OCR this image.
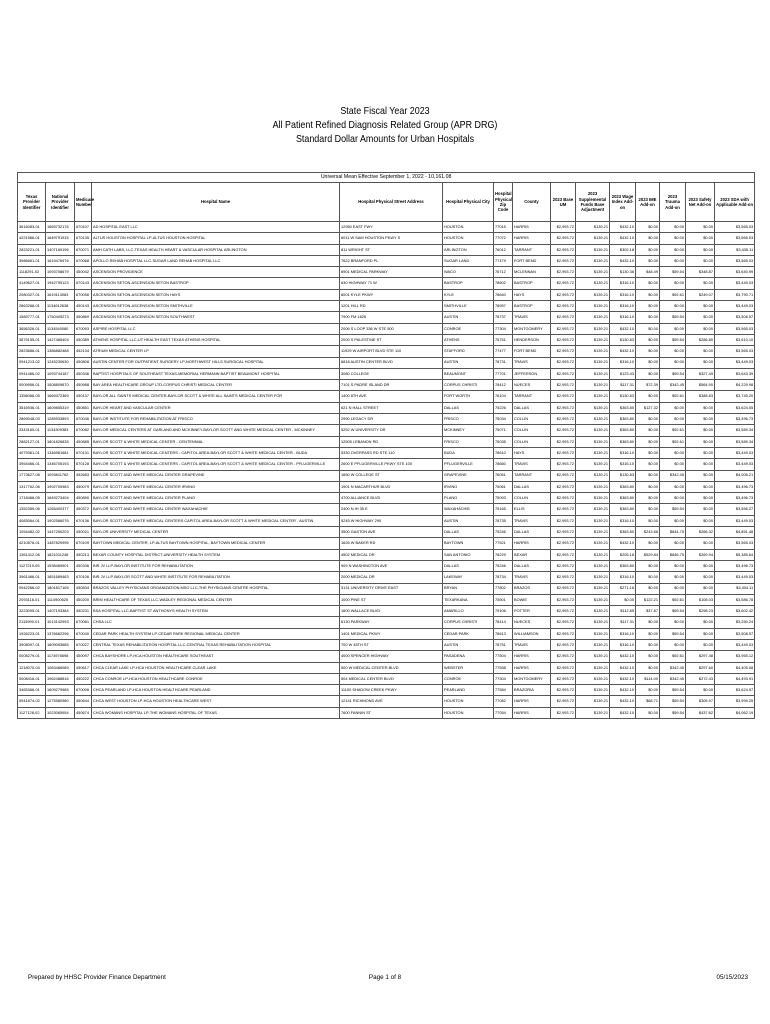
State Fiscal Year 2023
All Patient Refined Diagnosis Related Group (APR DRG)
Standard Dollar Amounts for Urban Hospitals
Universal Mean Effective September 1, 2022 - 10,161.08														
Texas Provider Identifier	National Provider Identifier	Medicare Number	Hospital Name	Hospital Physical Street Address	Hospital Physical City	Hospital Physical Zip Code	County	2023 Base UM	2023 Supplemental Funds Base Adjustment	2023 Wage Index Add-on	2023 IME Add-on	2023 Trauma Add-on	2023 Safety Net Add-on	2023 SDA with Applicable Add-on
3616083-01	1669732176	670107	AD HOSPITAL EAST LLC	12950 EAST FWY	HOUSTON	77015	HARRIS	$2,993.72	$139.21	$432.10	$0.00	$0.00	$0.00	$3,565.03
4221566-01	1649791915	670135	ALTUS HOUSTON HOSPITAL LP-ALTUS HOUSTON HOSPITAL	6011 W SAM HOUSTON PKWY S	HOUSTON	77072	HARRIS	$2,993.72	$139.21	$432.10	$0.00	$0.00	$0.00	$3,565.03
2823221-01	1407169196	670071	AMH CATH LABS, LLC-TEXAS HEALTH HEART & VASCULAR HOSPITAL ARLINGTON	811 WRIGHT ST	ARLINGTON	76012	TARRANT	$2,993.72	$139.21	$302.18	$0.00	$0.00	$0.00	$3,435.11
3986661-01	1619476976	670068	APOLLO REHAB HOSPITAL LLC-SUGAR LAND REHAB HOSPITAL LLC	7622 BRANFORD PL	SUGAR LAND	77479	FORT BEND	$2,993.72	$139.21	$432.10	$0.00	$0.00	$0.00	$3,565.03
1118291-02	1093708679	450042	ASCENSION PROVIDENCE	6901 MEDICAL PARKWAY	WACO	76712	MCLENNAN	$2,993.72	$139.21	$130.36	$48.49	$59.54	$348.87	$3,640.99
4149627-01	1942795123	670143	ASCENSION SETON-ASCENSION SETON BASTROP	630 HIGHWAY 71 W	BASTROP	78602	BASTROP	$2,993.72	$139.21	$316.10	$0.00	$0.00	$0.00	$3,449.03
2080327-01	1619113083	670056	ASCENSION SETON-ASCENSION SETON HAYS	6001 KYLE PKWY	KYLE	78640	HAYS	$2,993.72	$139.21	$316.10	$0.00	$92.61	$249.07	$3,790.71
2863268-01	1134612638	450143	ASCENSION SETON-ASCENSION SETON SMITHVILLE	1201 HILL RD	SMITHVILLE	78957	BASTROP	$2,993.72	$139.21	$316.10	$0.00	$0.00	$0.00	$3,449.03
1589777-01	1750409273	450869	ASCENSION SETON-ASCENSION SETON SOUTHWEST	7900 FM 1826	AUSTIN	78737	TRAVIS	$2,993.72	$139.21	$316.10	$0.00	$59.54	$0.00	$3,508.57
3656326-01	1134540080	670093	ASPIRE HOSPITAL LLC	2006 S LOOP 336 W STE 500	CONROE	77304	MONTGOMERY	$2,993.72	$139.21	$432.10	$0.00	$0.00	$0.00	$3,565.03
3879155-01	1427465404	450389	ATHENS HOSPITAL LLC-UT HEALTH EAST TEXAS ATHENS HOSPITAL	2000 S PALESTINE ST	ATHENS	75751	HENDERSON	$2,993.72	$139.21	$130.83	$0.00	$59.54	$286.80	$3,610.10
2823686-01	1386882488	452134	ATRIUM MEDICAL CENTER LP	11929 W AIRPORT BLVD STE 110	STAFFORD	77477	FORT BEND	$2,993.72	$139.21	$432.10	$0.00	$0.00	$0.00	$3,565.03
0941213-02	1245230630	450808	AUSTIN CENTER FOR OUTPATIENT SURGERY LP-NORTHWEST HILLS SURGICAL HOSPITAL	6818 AUSTIN CENTER BLVD	AUSTIN	78731	TRAVIS	$2,993.72	$139.21	$316.10	$0.00	$0.00	$0.00	$3,449.03
0941466-02	1093744187	450346	BAPTIST HOSPITALS OF SOUTHEAST TEXAS-MEMORIAL HERMANN BAPTIST BEAUMONT HOSPITAL	3080 COLLEGE	BEAUMONT	77701	JEFFERSON	$2,993.72	$139.21	$123.43	$0.00	$59.54	$327.49	$3,643.39
0009956-01	1508809870	450988	BAY AREA HEALTHCARE GROUP LTD-CORPUS CHRISTI MEDICAL CENTER	7101 S PADRE ISLAND DR	CORPUS CHRISTI	78412	NUECES	$2,993.72	$139.21	$117.31	$72.39	$342.45	$564.90	$4,229.98
1356066-05	1669472369	450137	BAYLOR ALL SAINTS MEDICAL CENTER-BAYLOR SCOTT & WHITE ALL SAINTS MEDICAL CENTER FOR	1400 8TH AVE	FORT WORTH	76104	TARRANT	$2,993.72	$139.21	$130.83	$0.00	$92.61	$388.83	$3,745.20
3516936-01	1609855319	450851	BAYLOR HEART AND VASCULAR CENTER	621 N HALL STREET	DALLAS	75226	DALLAS	$2,993.72	$139.21	$363.80	$127.32	$0.00	$0.00	$3,624.05
2869048-03	1285933893	670046	BAYLOR INSTITUTE FOR REHABILITATION AT FRISCO	2990 LEGACY DR	FRISCO	75034	COLLIN	$2,993.72	$139.21	$363.80	$0.00	$0.00	$0.00	$3,496.73
3343165-01	1134309383	670082	BAYLOR MEDICAL CENTERS AT GARLAND AND MCKINNEY-BAYLOR SCOTT AND WHITE MEDICAL CENTER - MCKINNEY	5252 W UNIVERSITY DR	MCKINNEY	75071	COLLIN	$2,993.72	$139.21	$363.80	$0.00	$92.61	$0.00	$3,589.34
2882127-01	1801826835	450885	BAYLOR SCOTT & WHITE MEDICAL CENTER - CENTENNIAL	12505 LEBANON RD	FRISCO	75035	COLLIN	$2,993.72	$139.21	$363.80	$0.00	$92.61	$0.00	$3,589.34
4079361-01	1346981681	670131	BAYLOR SCOTT & WHITE MEDICAL CENTERS - CAPITOL AREA-BAYLOR SCOTT & WHITE MEDICAL CENTER - BUDA	5330 OVERPASS RD STE 110	BUDA	78610	HAYS	$2,993.72	$139.21	$316.10	$0.00	$0.00	$0.00	$3,449.03
3954466-01	1346705193	670128	BAYLOR SCOTT & WHITE MEDICAL CENTERS - CAPITOL AREA-BAYLOR SCOTT & WHITE MEDICAL CENTER - PFLUGERVILLE	2600 E PFLUGERVILLE PKWY STE 100	PFLUGERVILLE	78660	TRAVIS	$2,993.72	$139.21	$316.10	$0.00	$0.00	$0.00	$3,449.03
1773627-08	1093811762	452683	BAYLOR SCOTT AND WHITE MEDICAL CENTER GRAPEVINE	1650 W COLLEGE ST	GRAPEVINE	76051	TARRANT	$2,993.72	$139.21	$130.83	$0.00	$342.45	$0.00	$4,006.21
1317762-06	1992700983	450079	BAYLOR SCOTT AND WHITE MEDICAL CENTER IRVING	1901 N MACARTHUR BLVD	IRVING	75061	DALLAS	$2,993.72	$139.21	$363.80	$0.00	$0.00	$0.00	$3,496.73
1718468-05	1649273404	450890	BAYLOR SCOTT AND WHITE MEDICAL CENTER PLANO	4700 ALLIANCE BLVD	PLANO	75093	COLLIN	$2,993.72	$139.21	$363.80	$0.00	$0.00	$0.00	$3,496.73
1352359-06	1265400377	450372	BAYLOR SCOTT AND WHITE MEDICAL CENTER WAXAHACHIE	2400 N IH 35 E	WAXAHACHIE	75165	ELLIS	$2,993.72	$139.21	$363.80	$0.00	$59.54	$0.00	$3,556.27
4083064-01	1902566076	670136	BAYLOR SCOTT AND WHITE MEDICAL CENTERS CAPITOL AREA-BAYLOR SCOTT & WHITE MEDICAL CENTER - AUSTIN	5245 W HIGHWAY 290	AUSTIN	78735	TRAVIS	$2,993.72	$139.21	$316.10	$0.00	$0.00	$0.00	$3,449.03
1054482-02	1447250203	450021	BAYLOR UNIVERSITY MEDICAL CENTER	3500 GASTON AVE	DALLAS	75246	DALLAS	$2,993.72	$139.21	$363.80	$243.68	$844.75	$266.32	$4,851.48
4210876-01	1487820995	670109	BAYTOWN MEDICAL CENTER, LP-ALTUS BAYTOWN HOSPITAL, BAYTOWN MEDICAL CENTER	1626 W BAKER RD	BAYTOWN	77521	HARRIS	$2,993.72	$139.21	$432.10	$0.00	$0.00	$0.00	$3,565.03
1361412-06	1821011248	450213	BEXAR COUNTY HOSPITAL DISTRICT-UNIVERSITY HEALTH SYSTEM	4502 MEDICAL DR	SAN ANTONIO	78229	BEXAR	$2,993.72	$139.21	$205.18	$529.84	$846.75	$269.94	$5,385.64
1127219-05	1538469901	450336	BIR JV LLP-BAYLOR INSTITUTE FOR REHABILITATION	909 N WASHINGTON AVE	DALLAS	75246	DALLAS	$2,993.72	$139.21	$363.80	$0.00	$0.00	$0.00	$3,496.73
3961466-01	1851689463	670106	BIR JV LLP-BAYLOR SCOTT AND WHITE INSTITUTE FOR REHABILITATION	2000 MEDICAL DR	LAKEWAY	78734	TRAVIS	$2,993.72	$139.21	$316.10	$0.00	$0.00	$0.00	$3,449.03
0942266-02	1801817165	450834	BRAZOS VALLEY PHYSICIANS ORGANIZATION MSO LLC-THE PHYSICIANS CENTRE HOSPITAL	3131 UNIVERSITY DRIVE EAST	BRYAN	77802	BRAZOS	$2,993.72	$139.21	$271.18	$0.00	$0.00	$0.00	$3,404.11
2093116-01	1114900625	450200	BRIM HEALTHCARE OF TEXAS LLC-WADLEY REGIONAL MEDICAL CENTER	1000 PINE ST	TEXARKANA	75501	BOWIE	$2,993.72	$139.21	$0.00	$122.21	$92.61	$108.03	$3,586.78
3223095-01	1407193384	450231	BSA HOSPITAL LLC-BAPTIST ST ANTHONYS HEALTH SYSTEM	1600 WALLACE BLVD	AMARILLO	79106	POTTER	$2,993.72	$139.21	$112.85	$37.87	$59.54	$298.23	$3,602.42
2115990-01	1013142993	670061	CHSA LLC	6130 PARKWAY	CORPUS CHRISTI	78414	NUECES	$2,993.72	$139.21	$117.31	$0.00	$0.00	$0.00	$3,250.24
1926223-01	1376662296	670040	CEDAR PARK HEALTH SYSTEM LP-CEDAR PARK REGIONAL MEDICAL CENTER	1401 MEDICAL PKWY	CEDAR PARK	78613	WILLIAMSON	$2,993.72	$139.21	$316.10	$0.00	$59.54	$0.00	$3,508.57
3908097-01	1609093685	670027	CENTRAL TEXAS REHABILITATION HOSPITAL LLC-CENTRAL TEXAS REHABILITATION HOSPITAL	700 W 45TH ST	AUSTIN	78751	TRAVIS	$2,993.72	$139.21	$316.10	$0.00	$0.00	$0.00	$3,449.03
0008279-01	1174976698	450097	CHCA BAYSHORE LP-HCA HOUSTON HEALTHCARE SOUTHEAST	4000 SPENCER HIGHWAY	PASADENA	77504	HARRIS	$2,993.72	$139.21	$432.10	$0.00	$92.61	$297.48	$3,955.12
1218070-04	1063466089	450617	CHCA CLEAR LAKE LP-HCA HOUSTON HEALTHCARE CLEAR LAKE	500 W MEDICAL CENTER BLVD	WEBSTER	77598	HARRIS	$2,993.72	$139.21	$432.10	$0.00	$342.45	$297.60	$4,405.08
0008416-01	1962488816	450222	CHCA CONROE LP-HCA HOUSTON HEALTHCARE CONROE	504 MEDICAL CENTER BLVD	CONROE	77304	MONTGOMERY	$2,993.72	$139.21	$432.10	$114.00	$342.45	$272.43	$4,493.91
3465366-01	1609279985	670006	CHCA PEARLAND LP-HCA HOUSTON HEALTHCARE PEARLAND	11100 SHADOW CREEK PKWY	PEARLAND	77584	BRAZORIA	$2,993.72	$139.21	$432.10	$0.00	$59.54	$0.00	$3,624.57
0941874-02	1275580980	450644	CHCA WEST HOUSTON LP-HCA HOUSTON HEALTHCARE WEST	12141 RICHMOND AVE	HOUSTON	77082	HARRIS	$2,993.72	$139.21	$432.10	$68.71	$59.54	$305.97	$3,999.25
1127128-02	1023065954	450674	CHCA WOMANS HOSPITAL LP-THE WOMANS HOSPITAL OF TEXAS	7600 FANNIN ST	HOUSTON	77054	HARRIS	$2,993.72	$139.21	$432.10	$0.00	$59.54	$437.62	$4,062.19
Prepared by HHSC Provider Finance Department	Page 1 of 8	05/15/2023
